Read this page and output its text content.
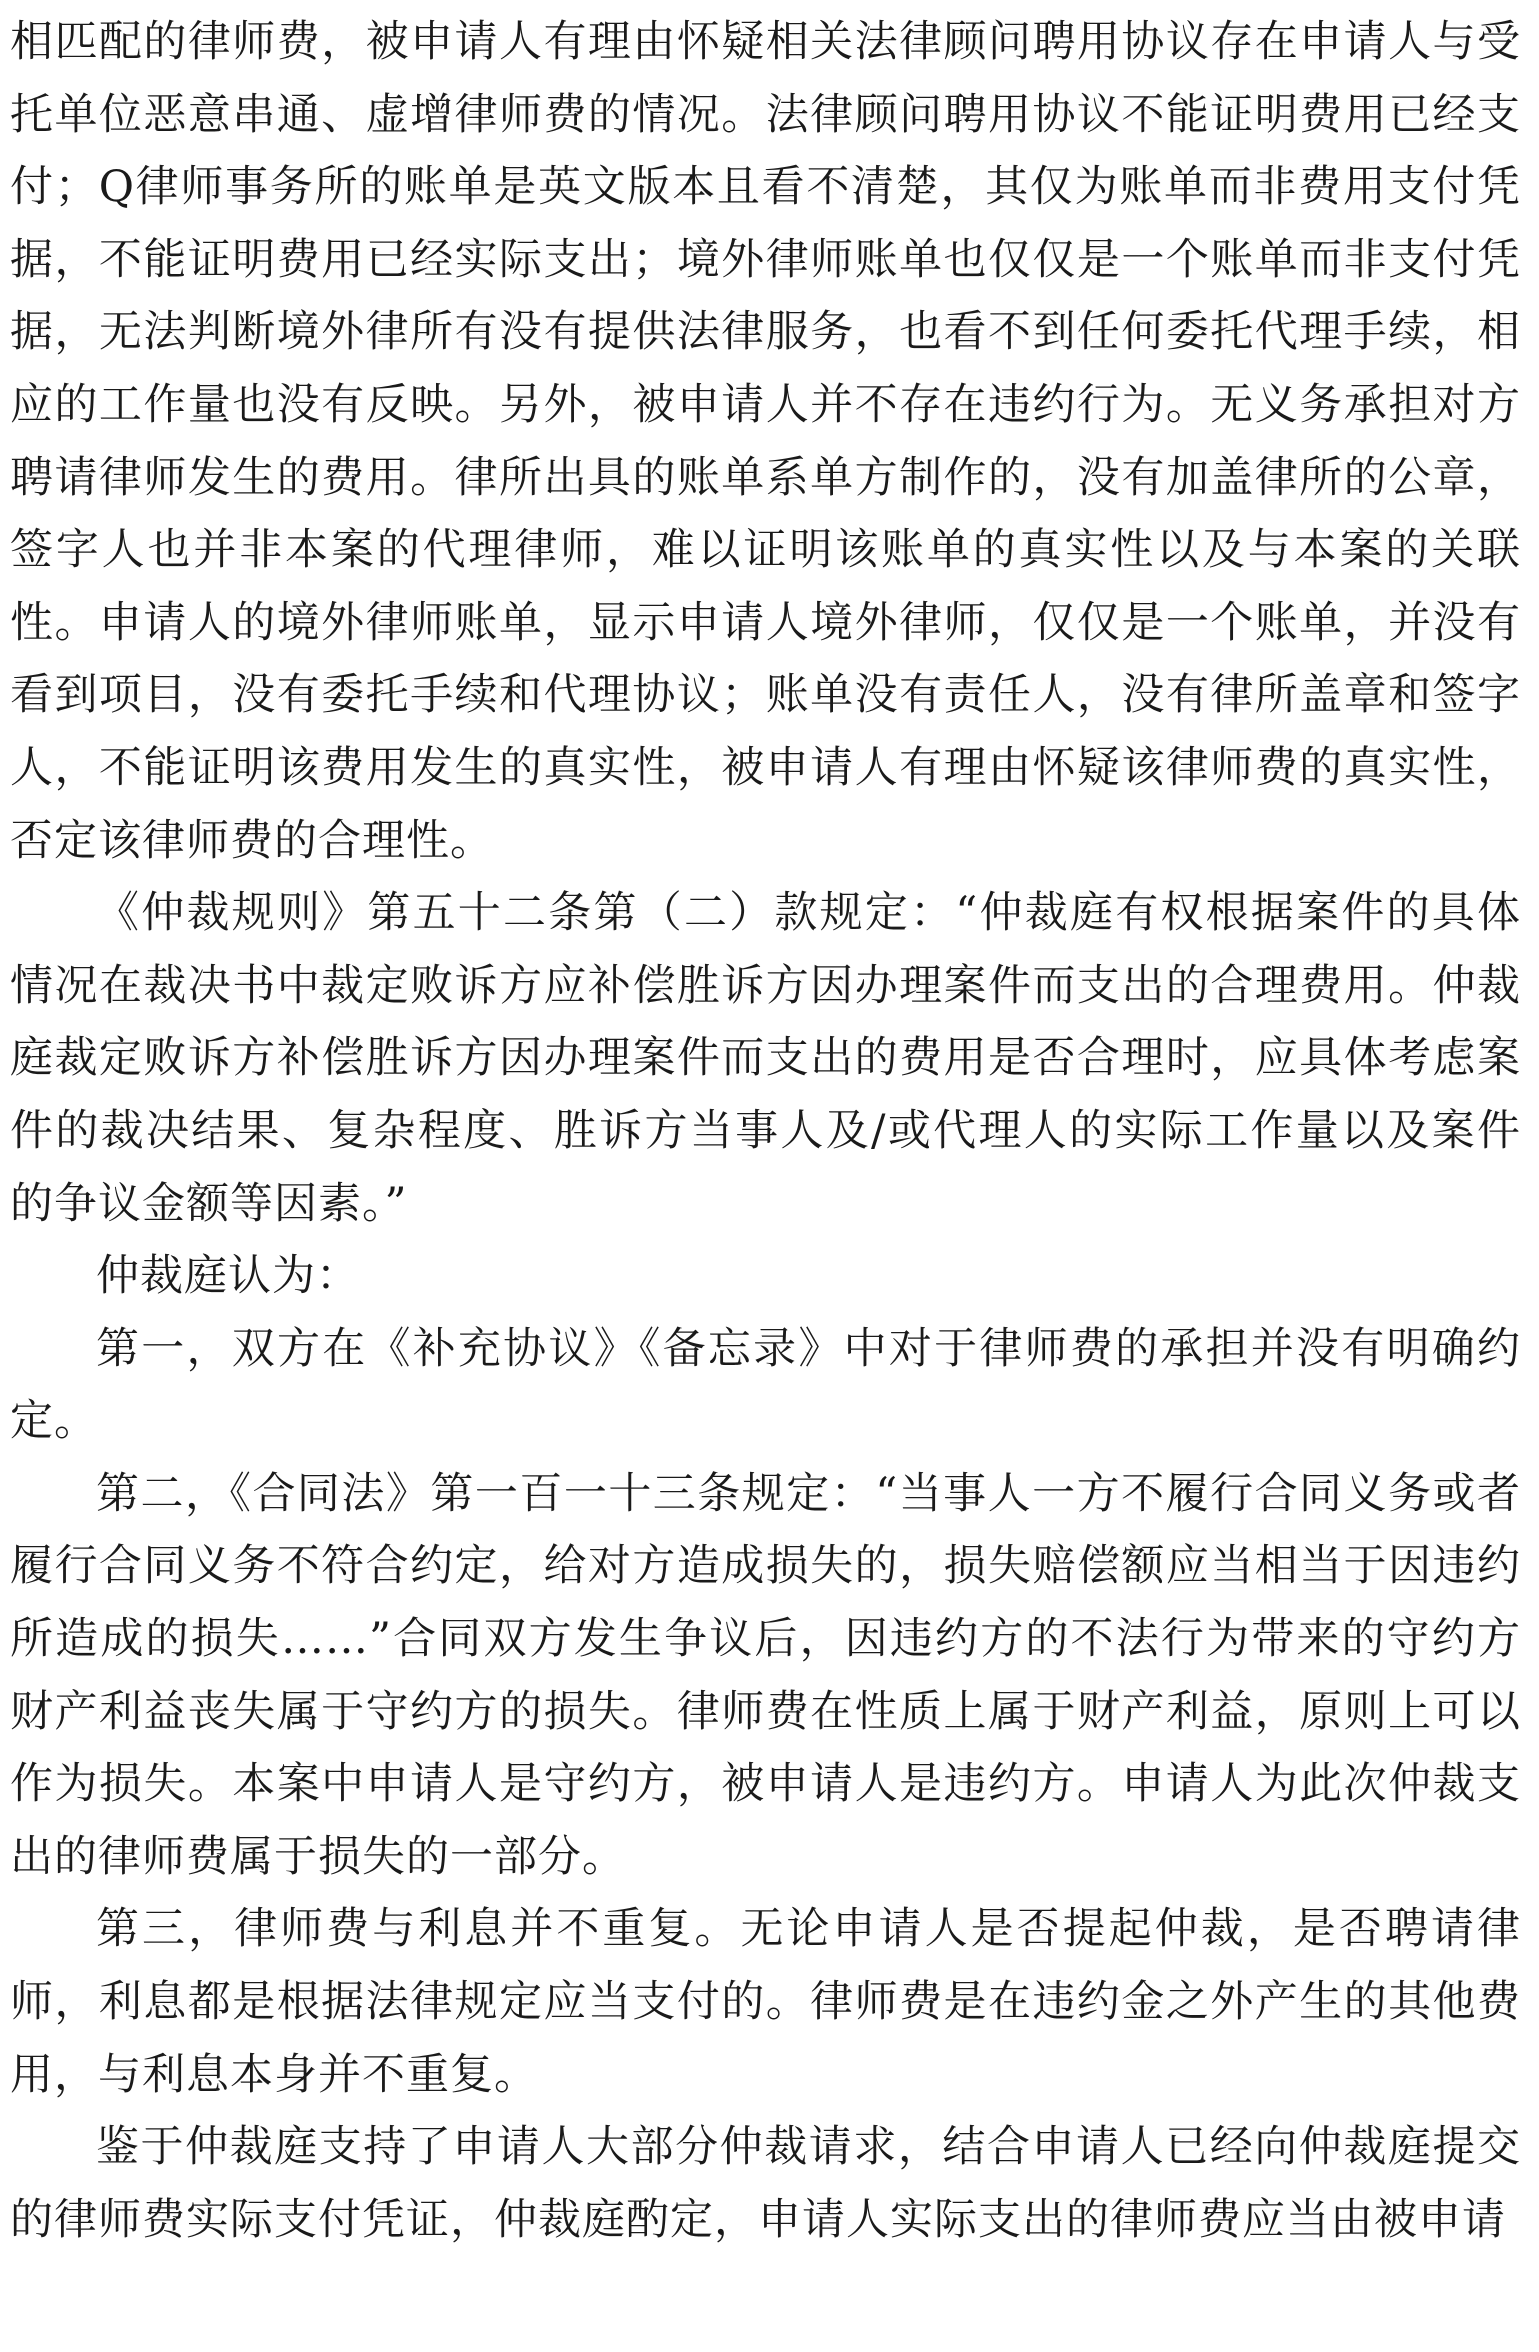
相匹配的律师费，被申请人有理由怀疑相关法律顾问聘用协议存在申请人与受托单位恶意串通、虚增律师费的情况。法律顾问聘用协议不能证明费用已经支付；Q律师事务所的账单是英文版本且看不清楚，其仅为账单而非费用支付凭据，不能证明费用已经实际支出；境外律师账单也仅仅是一个账单而非支付凭据，无法判断境外律所有没有提供法律服务，也看不到任何委托代理手续，相应的工作量也没有反映。另外，被申请人并不存在违约行为。无义务承担对方聘请律师发生的费用。律所出具的账单系单方制作的，没有加盖律所的公章，签字人也并非本案的代理律师，难以证明该账单的真实性以及与本案的关联性。申请人的境外律师账单，显示申请人境外律师，仅仅是一个账单，并没有看到项目，没有委托手续和代理协议；账单没有责任人，没有律所盖章和签字人，不能证明该费用发生的真实性，被申请人有理由怀疑该律师费的真实性，否定该律师费的合理性。

《仲裁规则》第五十二条第（二）款规定：“仲裁庭有权根据案件的具体情况在裁决书中裁定败诉方应补偿胜诉方因办理案件而支出的合理费用。仲裁庭裁定败诉方补偿胜诉方因办理案件而支出的费用是否合理时，应具体考虑案件的裁决结果、复杂程度、胜诉方当事人及/或代理人的实际工作量以及案件的争议金额等因素。”

仲裁庭认为：

第一，双方在《补充协议》《备忘录》中对于律师费的承担并没有明确约定。

第二，《合同法》第一百一十三条规定：“当事人一方不履行合同义务或者履行合同义务不符合约定，给对方造成损失的，损失赔偿额应当相当于因违约所造成的损失……”合同双方发生争议后，因违约方的不法行为带来的守约方财产利益丧失属于守约方的损失。律师费在性质上属于财产利益，原则上可以作为损失。本案中申请人是守约方，被申请人是违约方。申请人为此次仲裁支出的律师费属于损失的一部分。

第三，律师费与利息并不重复。无论申请人是否提起仲裁，是否聘请律师，利息都是根据法律规定应当支付的。律师费是在违约金之外产生的其他费用，与利息本身并不重复。

鉴于仲裁庭支持了申请人大部分仲裁请求，结合申请人已经向仲裁庭提交的律师费实际支付凭证，仲裁庭酌定，申请人实际支出的律师费应当由被申请
